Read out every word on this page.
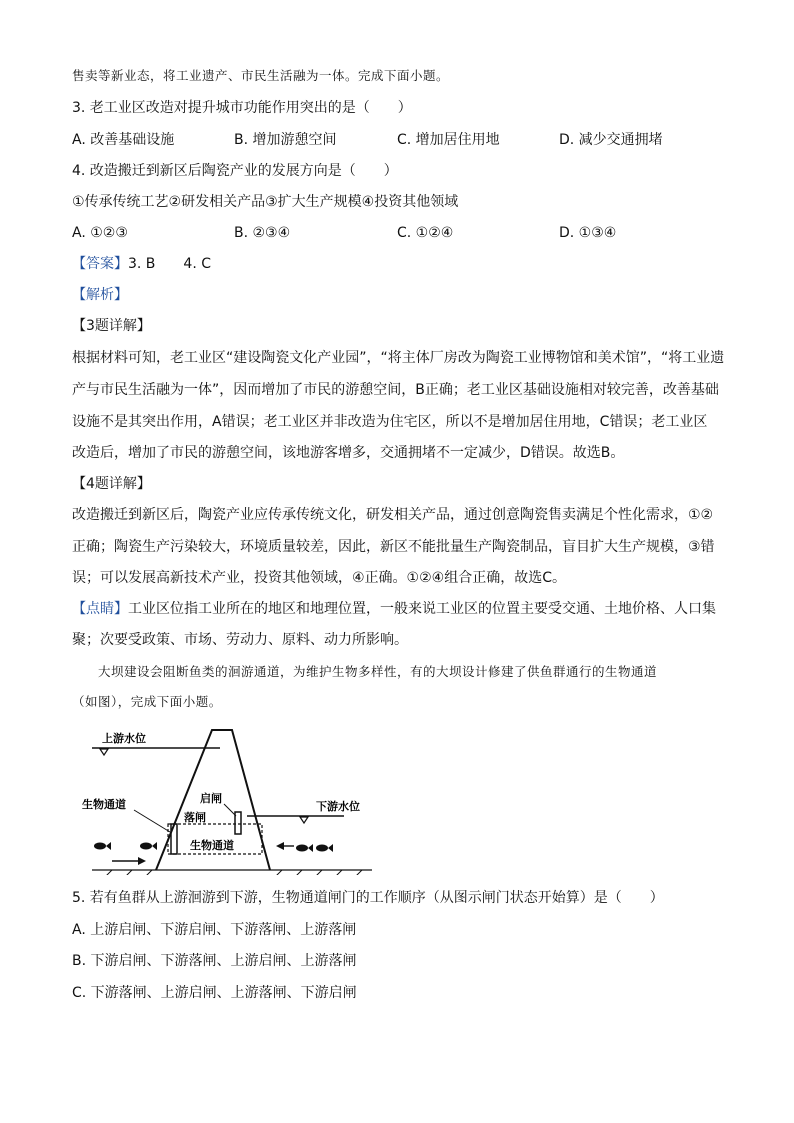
售卖等新业态，将工业遗产、市民生活融为一体。完成下面小题。
3. 老工业区改造对提升城市功能作用突出的是（　　）
A. 改善基础设施	B. 增加游憩空间	C. 增加居住用地	D. 减少交通拥堵
4. 改造搬迁到新区后陶瓷产业的发展方向是（　　）
①传承传统工艺②研发相关产品③扩大生产规模④投资其他领域
A. ①②③	B. ②③④	C. ①②④	D. ①③④
【答案】3. B　　4. C
【解析】
【3题详解】
根据材料可知，老工业区“建设陶瓷文化产业园”，“将主体厂房改为陶瓷工业博物馆和美术馆”，“将工业遗
产与市民生活融为一体”，因而增加了市民的游憩空间，B正确；老工业区基础设施相对较完善，改善基础
设施不是其突出作用，A错误；老工业区并非改造为住宅区，所以不是增加居住用地，C错误；老工业区
改造后，增加了市民的游憩空间，该地游客增多，交通拥堵不一定减少，D错误。故选B。
【4题详解】
改造搬迁到新区后，陶瓷产业应传承传统文化，研发相关产品，通过创意陶瓷售卖满足个性化需求，①②
正确；陶瓷生产污染较大，环境质量较差，因此，新区不能批量生产陶瓷制品，盲目扩大生产规模，③错
误；可以发展高新技术产业，投资其他领域，④正确。①②④组合正确，故选C。
【点睛】工业区位指工业所在的地区和地理位置，一般来说工业区的位置主要受交通、土地价格、人口集
聚；次要受政策、市场、劳动力、原料、动力所影响。
　　大坝建设会阻断鱼类的洄游通道，为维护生物多样性，有的大坝设计修建了供鱼群通行的生物通道
（如图），完成下面小题。
上游水位
下游水位
启闸
落闸
生物通道
生物通道
5. 若有鱼群从上游洄游到下游，生物通道闸门的工作顺序（从图示闸门状态开始算）是（　　）
A. 上游启闸、下游启闸、下游落闸、上游落闸
B. 下游启闸、下游落闸、上游启闸、上游落闸
C. 下游落闸、上游启闸、上游落闸、下游启闸
